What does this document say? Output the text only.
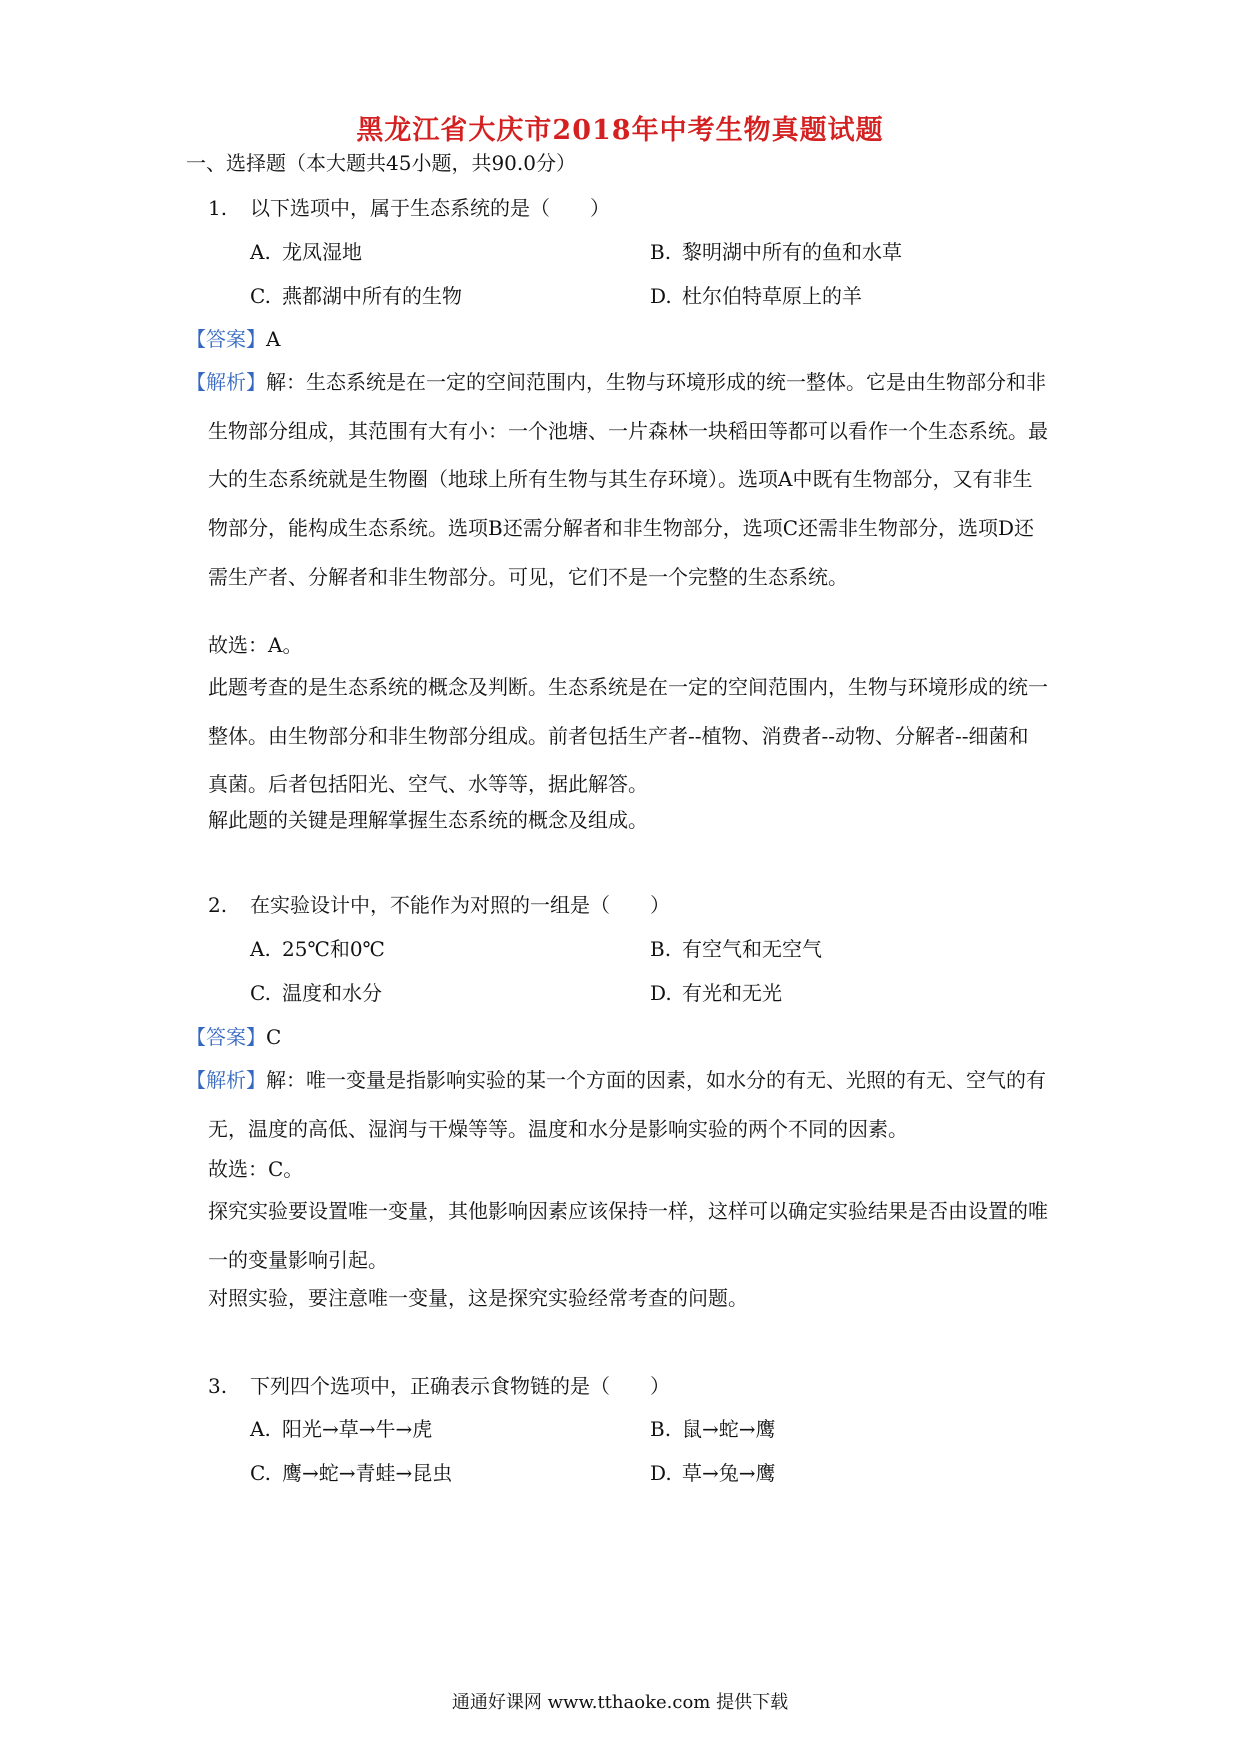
黑龙江省大庆市2018年中考生物真题试题
一、选择题（本大题共45小题，共90.0分）
1. 以下选项中，属于生态系统的是（　　）
A. 龙凤湿地	B. 黎明湖中所有的鱼和水草
C. 燕都湖中所有的生物	D. 杜尔伯特草原上的羊
【答案】A
【解析】解：生态系统是在一定的空间范围内，生物与环境形成的统一整体。它是由生物部分和非生物部分组成，其范围有大有小：一个池塘、一片森林一块稻田等都可以看作一个生态系统。最大的生态系统就是生物圈（地球上所有生物与其生存环境）。选项A中既有生物部分，又有非生物部分，能构成生态系统。选项B还需分解者和非生物部分，选项C还需非生物部分，选项D还需生产者、分解者和非生物部分。可见，它们不是一个完整的生态系统。
故选：A。
此题考查的是生态系统的概念及判断。生态系统是在一定的空间范围内，生物与环境形成的统一整体。由生物部分和非生物部分组成。前者包括生产者--植物、消费者--动物、分解者--细菌和真菌。后者包括阳光、空气、水等等，据此解答。
解此题的关键是理解掌握生态系统的概念及组成。
2. 在实验设计中，不能作为对照的一组是（　　）
A. 25℃和0℃	B. 有空气和无空气
C. 温度和水分	D. 有光和无光
【答案】C
【解析】解：唯一变量是指影响实验的某一个方面的因素，如水分的有无、光照的有无、空气的有无，温度的高低、湿润与干燥等等。温度和水分是影响实验的两个不同的因素。
故选：C。
探究实验要设置唯一变量，其他影响因素应该保持一样，这样可以确定实验结果是否由设置的唯一的变量影响引起。
对照实验，要注意唯一变量，这是探究实验经常考查的问题。
3. 下列四个选项中，正确表示食物链的是（　　）
A. 阳光→草→牛→虎	B. 鼠→蛇→鹰
C. 鹰→蛇→青蛙→昆虫	D. 草→兔→鹰
通通好课网 www.tthaoke.com 提供下载
